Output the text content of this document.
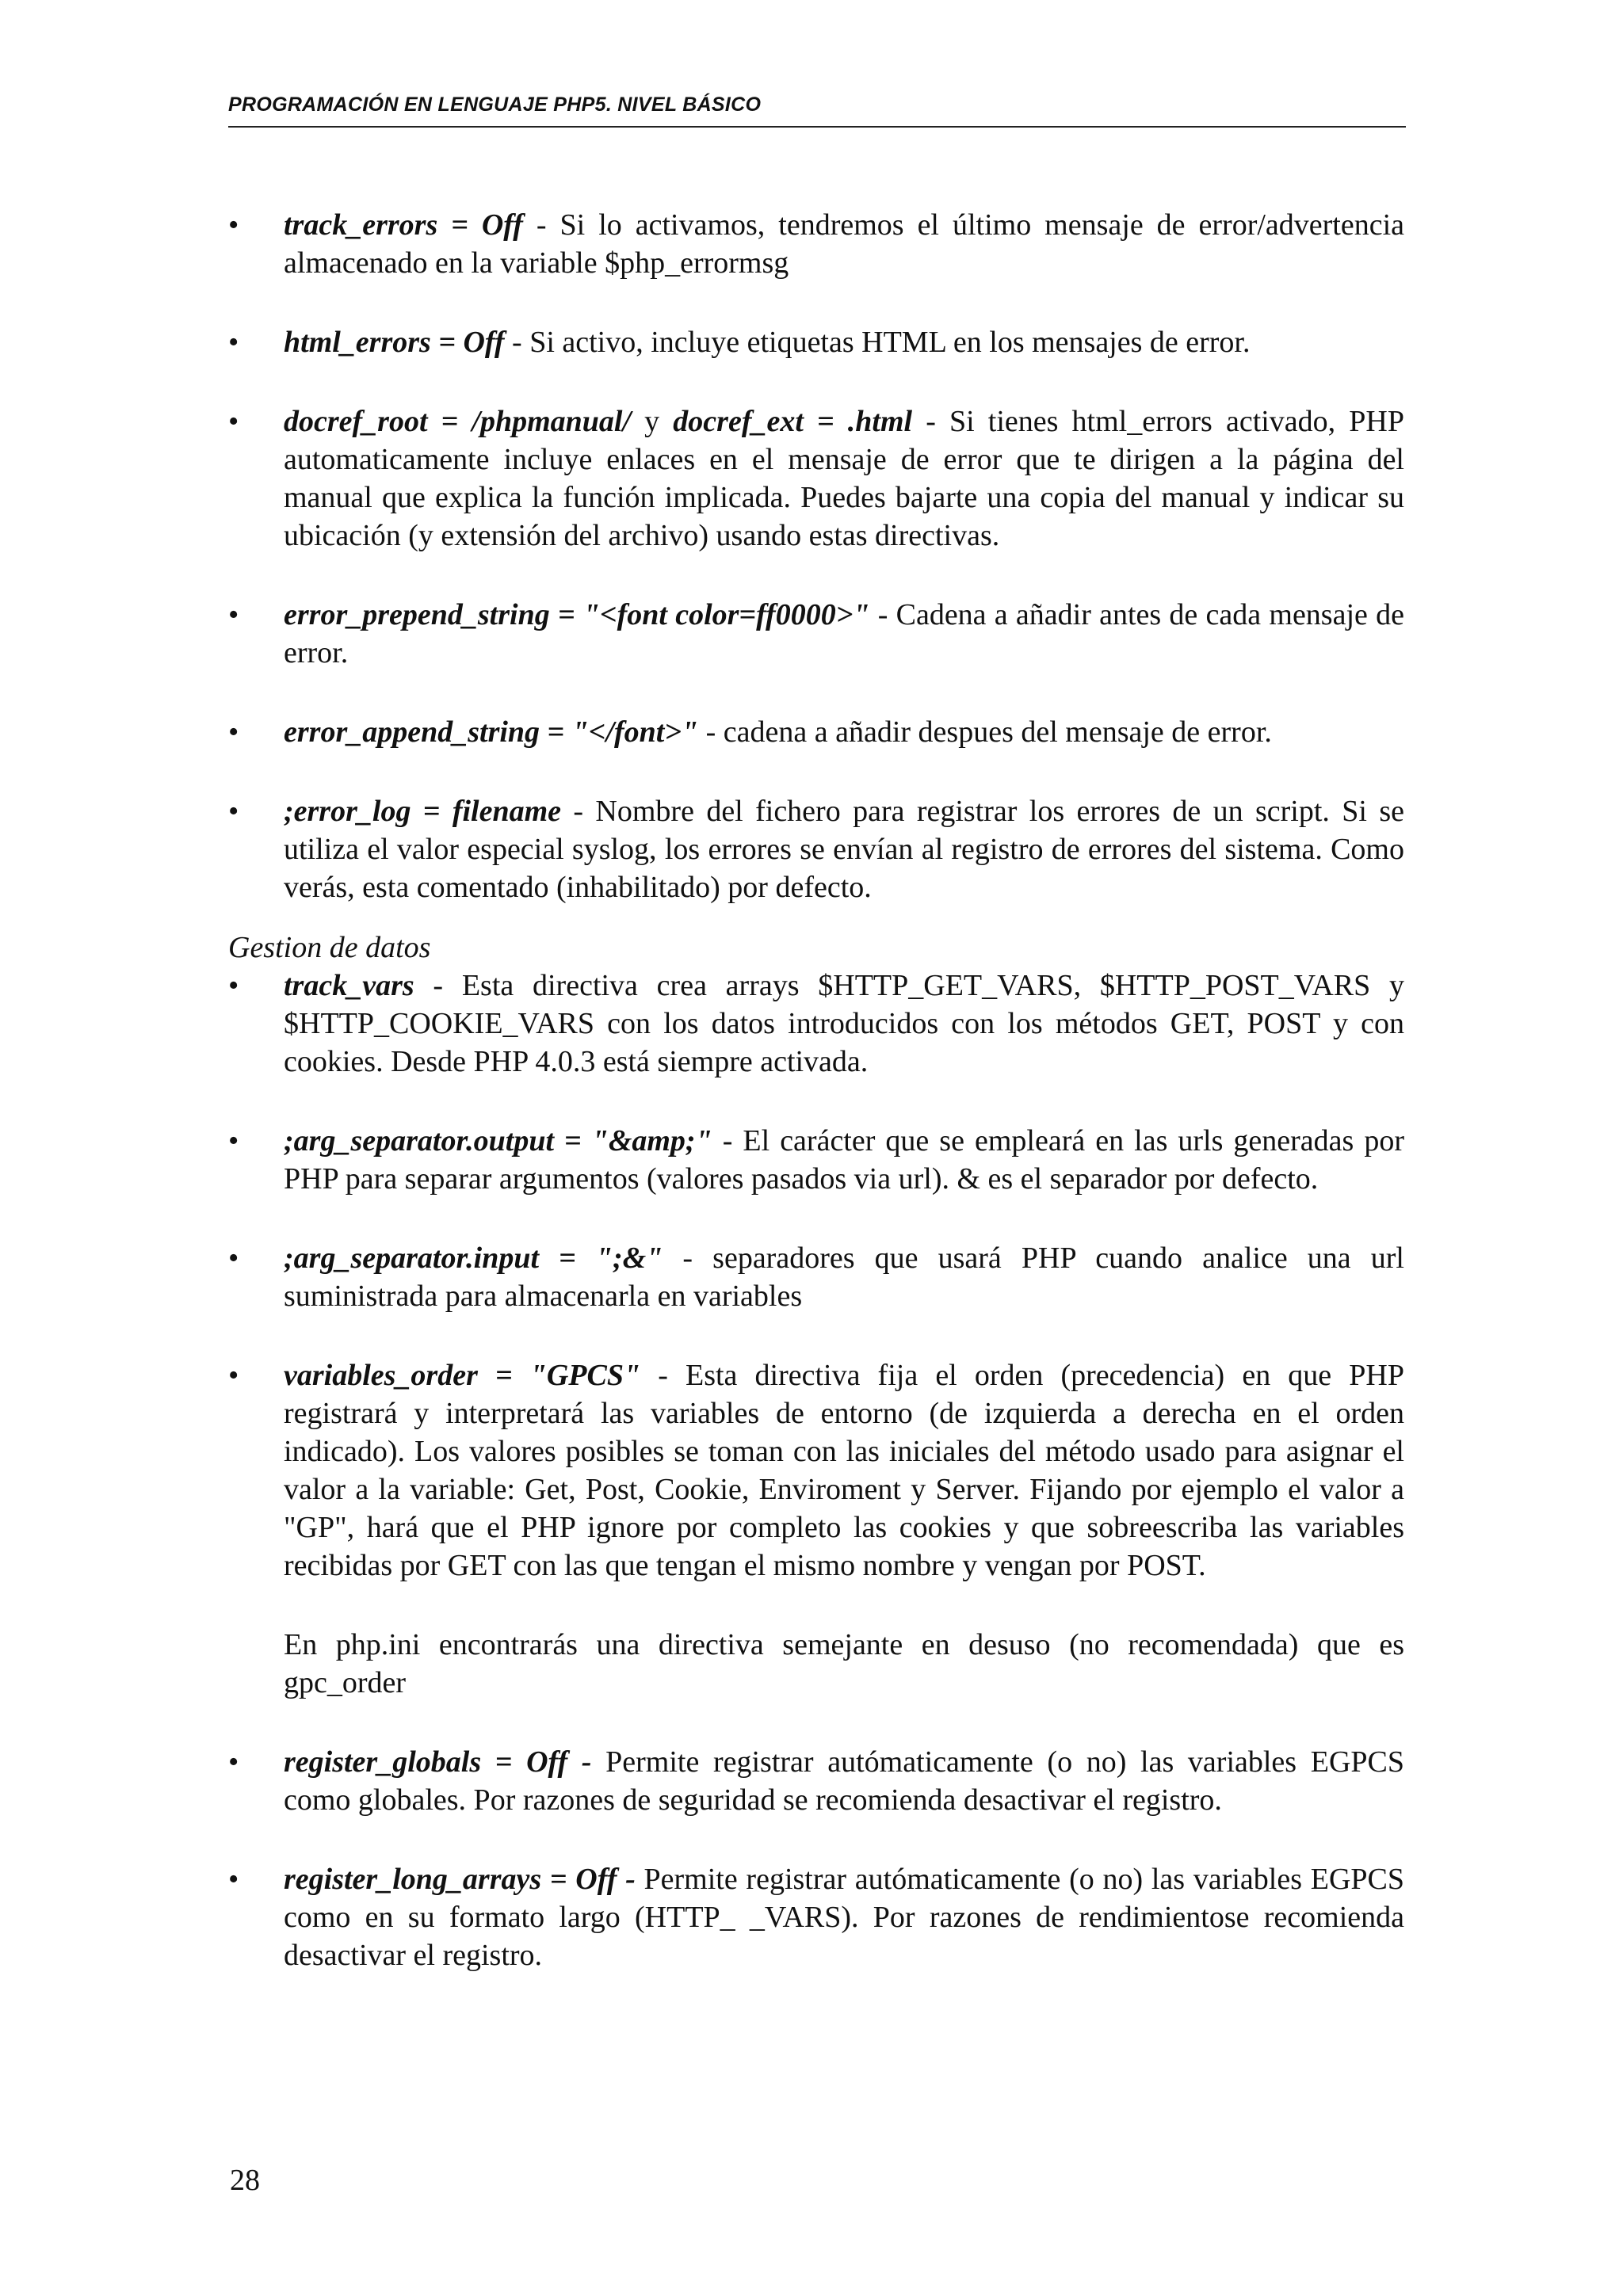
PROGRAMACIÓN EN LENGUAJE PHP5. NIVEL BÁSICO
• track_errors = Off - Si lo activamos, tendremos el último mensaje de error/advertencia almacenado en la variable $php_errormsg
• html_errors = Off - Si activo, incluye etiquetas HTML en los mensajes de error.
• docref_root = /phpmanual/ y docref_ext = .html - Si tienes html_errors activado, PHP automaticamente incluye enlaces en el mensaje de error que te dirigen a la página del manual que explica la función implicada. Puedes bajarte una copia del manual y indicar su ubicación (y extensión del archivo) usando estas directivas.
• error_prepend_string = "<font color=ff0000>" - Cadena a añadir antes de cada mensaje de error.
• error_append_string = "</font>" - cadena a añadir despues del mensaje de error.
• ;error_log = filename - Nombre del fichero para registrar los errores de un script. Si se utiliza el valor especial syslog, los errores se envían al registro de errores del sistema. Como verás, esta comentado (inhabilitado) por defecto.
Gestion de datos
• track_vars - Esta directiva crea arrays $HTTP_GET_VARS, $HTTP_POST_VARS y $HTTP_COOKIE_VARS con los datos introducidos con los métodos GET, POST y con cookies. Desde PHP 4.0.3 está siempre activada.
• ;arg_separator.output = "&amp;" - El carácter que se empleará en las urls generadas por PHP para separar argumentos (valores pasados via url). & es el separador por defecto.
• ;arg_separator.input = ";&" - separadores que usará PHP cuando analice una url suministrada para almacenarla en variables
• variables_order = "GPCS" - Esta directiva fija el orden (precedencia) en que PHP registrará y interpretará las variables de entorno (de izquierda a derecha en el orden indicado). Los valores posibles se toman con las iniciales del método usado para asignar el valor a la variable: Get, Post, Cookie, Enviroment y Server. Fijando por ejemplo el valor a "GP", hará que el PHP ignore por completo las cookies y que sobreescriba las variables recibidas por GET con las que tengan el mismo nombre y vengan por POST.
En php.ini encontrarás una directiva semejante en desuso (no recomendada) que es gpc_order
• register_globals = Off - Permite registrar autómaticamente (o no) las variables EGPCS como globales. Por razones de seguridad se recomienda desactivar el registro.
• register_long_arrays = Off - Permite registrar autómaticamente (o no) las variables EGPCS como en su formato largo (HTTP_ _VARS). Por razones de rendimientose recomienda desactivar el registro.
28
